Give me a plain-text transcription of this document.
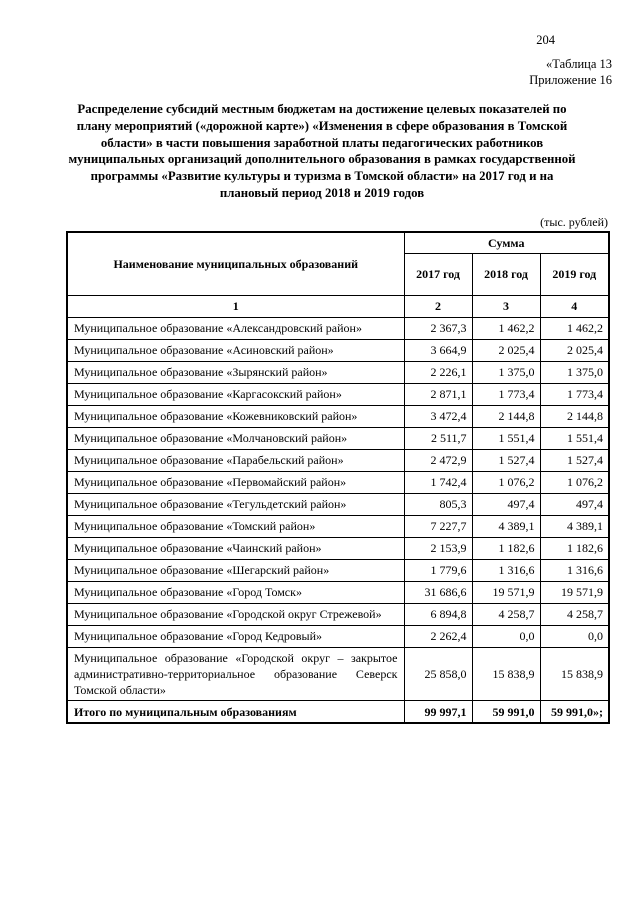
204
«Таблица 13
Приложение 16
Распределение субсидий местным бюджетам на достижение целевых показателей по плану мероприятий («дорожной карте») «Изменения в сфере образования в Томской области» в части повышения заработной платы педагогических работников муниципальных организаций дополнительного образования в рамках государственной программы «Развитие культуры и туризма в Томской области» на 2017 год и на плановый период 2018 и 2019 годов
(тыс. рублей)
Наименование муниципальных образований	Сумма		
	2017 год	2018 год	2019 год
1	2	3	4
Муниципальное образование «Александровский район»	2 367,3	1 462,2	1 462,2
Муниципальное образование «Асиновский район»	3 664,9	2 025,4	2 025,4
Муниципальное образование «Зырянский район»	2 226,1	1 375,0	1 375,0
Муниципальное образование «Каргасокский район»	2 871,1	1 773,4	1 773,4
Муниципальное образование «Кожевниковский район»	3 472,4	2 144,8	2 144,8
Муниципальное образование «Молчановский район»	2 511,7	1 551,4	1 551,4
Муниципальное образование «Парабельский район»	2 472,9	1 527,4	1 527,4
Муниципальное образование «Первомайский район»	1 742,4	1 076,2	1 076,2
Муниципальное образование «Тегульдетский район»	805,3	497,4	497,4
Муниципальное образование «Томский район»	7 227,7	4 389,1	4 389,1
Муниципальное образование «Чаинский район»	2 153,9	1 182,6	1 182,6
Муниципальное образование «Шегарский район»	1 779,6	1 316,6	1 316,6
Муниципальное образование «Город Томск»	31 686,6	19 571,9	19 571,9
Муниципальное образование «Городской округ Стрежевой»	6 894,8	4 258,7	4 258,7
Муниципальное образование «Город Кедровый»	2 262,4	0,0	0,0
Муниципальное образование «Городской округ – закрытое административно-территориальное образование Северск Томской области»	25 858,0	15 838,9	15 838,9
Итого по муниципальным образованиям	99 997,1	59 991,0	59 991,0»;
